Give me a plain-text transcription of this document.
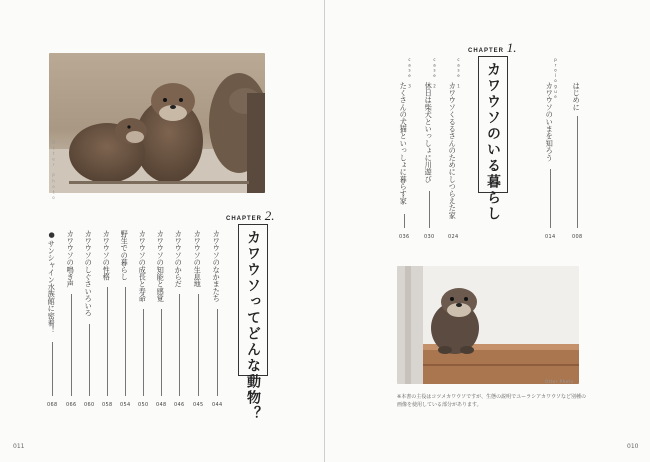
Otter Photo
CHAPTER 2.
カワウソってどんな動物？
カワウソのなかまたち
044
カワウソの生息地
045
カワウソのからだ
046
カワウソの知能と感覚
048
カワウソの成長と寿命
050
野生での暮らし
054
カワウソの性格
058
カワウソのしぐさいろいろ
060
カワウソの鳴き声
066
サンシャイン水族館に密着！
●
068
011
CHAPTER 1.
カワウソのいる暮らし
case 3
たくさんの犬猫といっしょに暮らす家
036
case 2
休日は柴犬といっしょに川遊び
030
case 1
カワウソくるるさんのためにしつらえた家
024
prologue
カワウソのいまを知ろう
014
はじめに
008
Otter Photo
※本書の主役はコツメカワウソですが、生態の説明でユーラシアカワウソなど別種の画像を使用している部分があります。
010
